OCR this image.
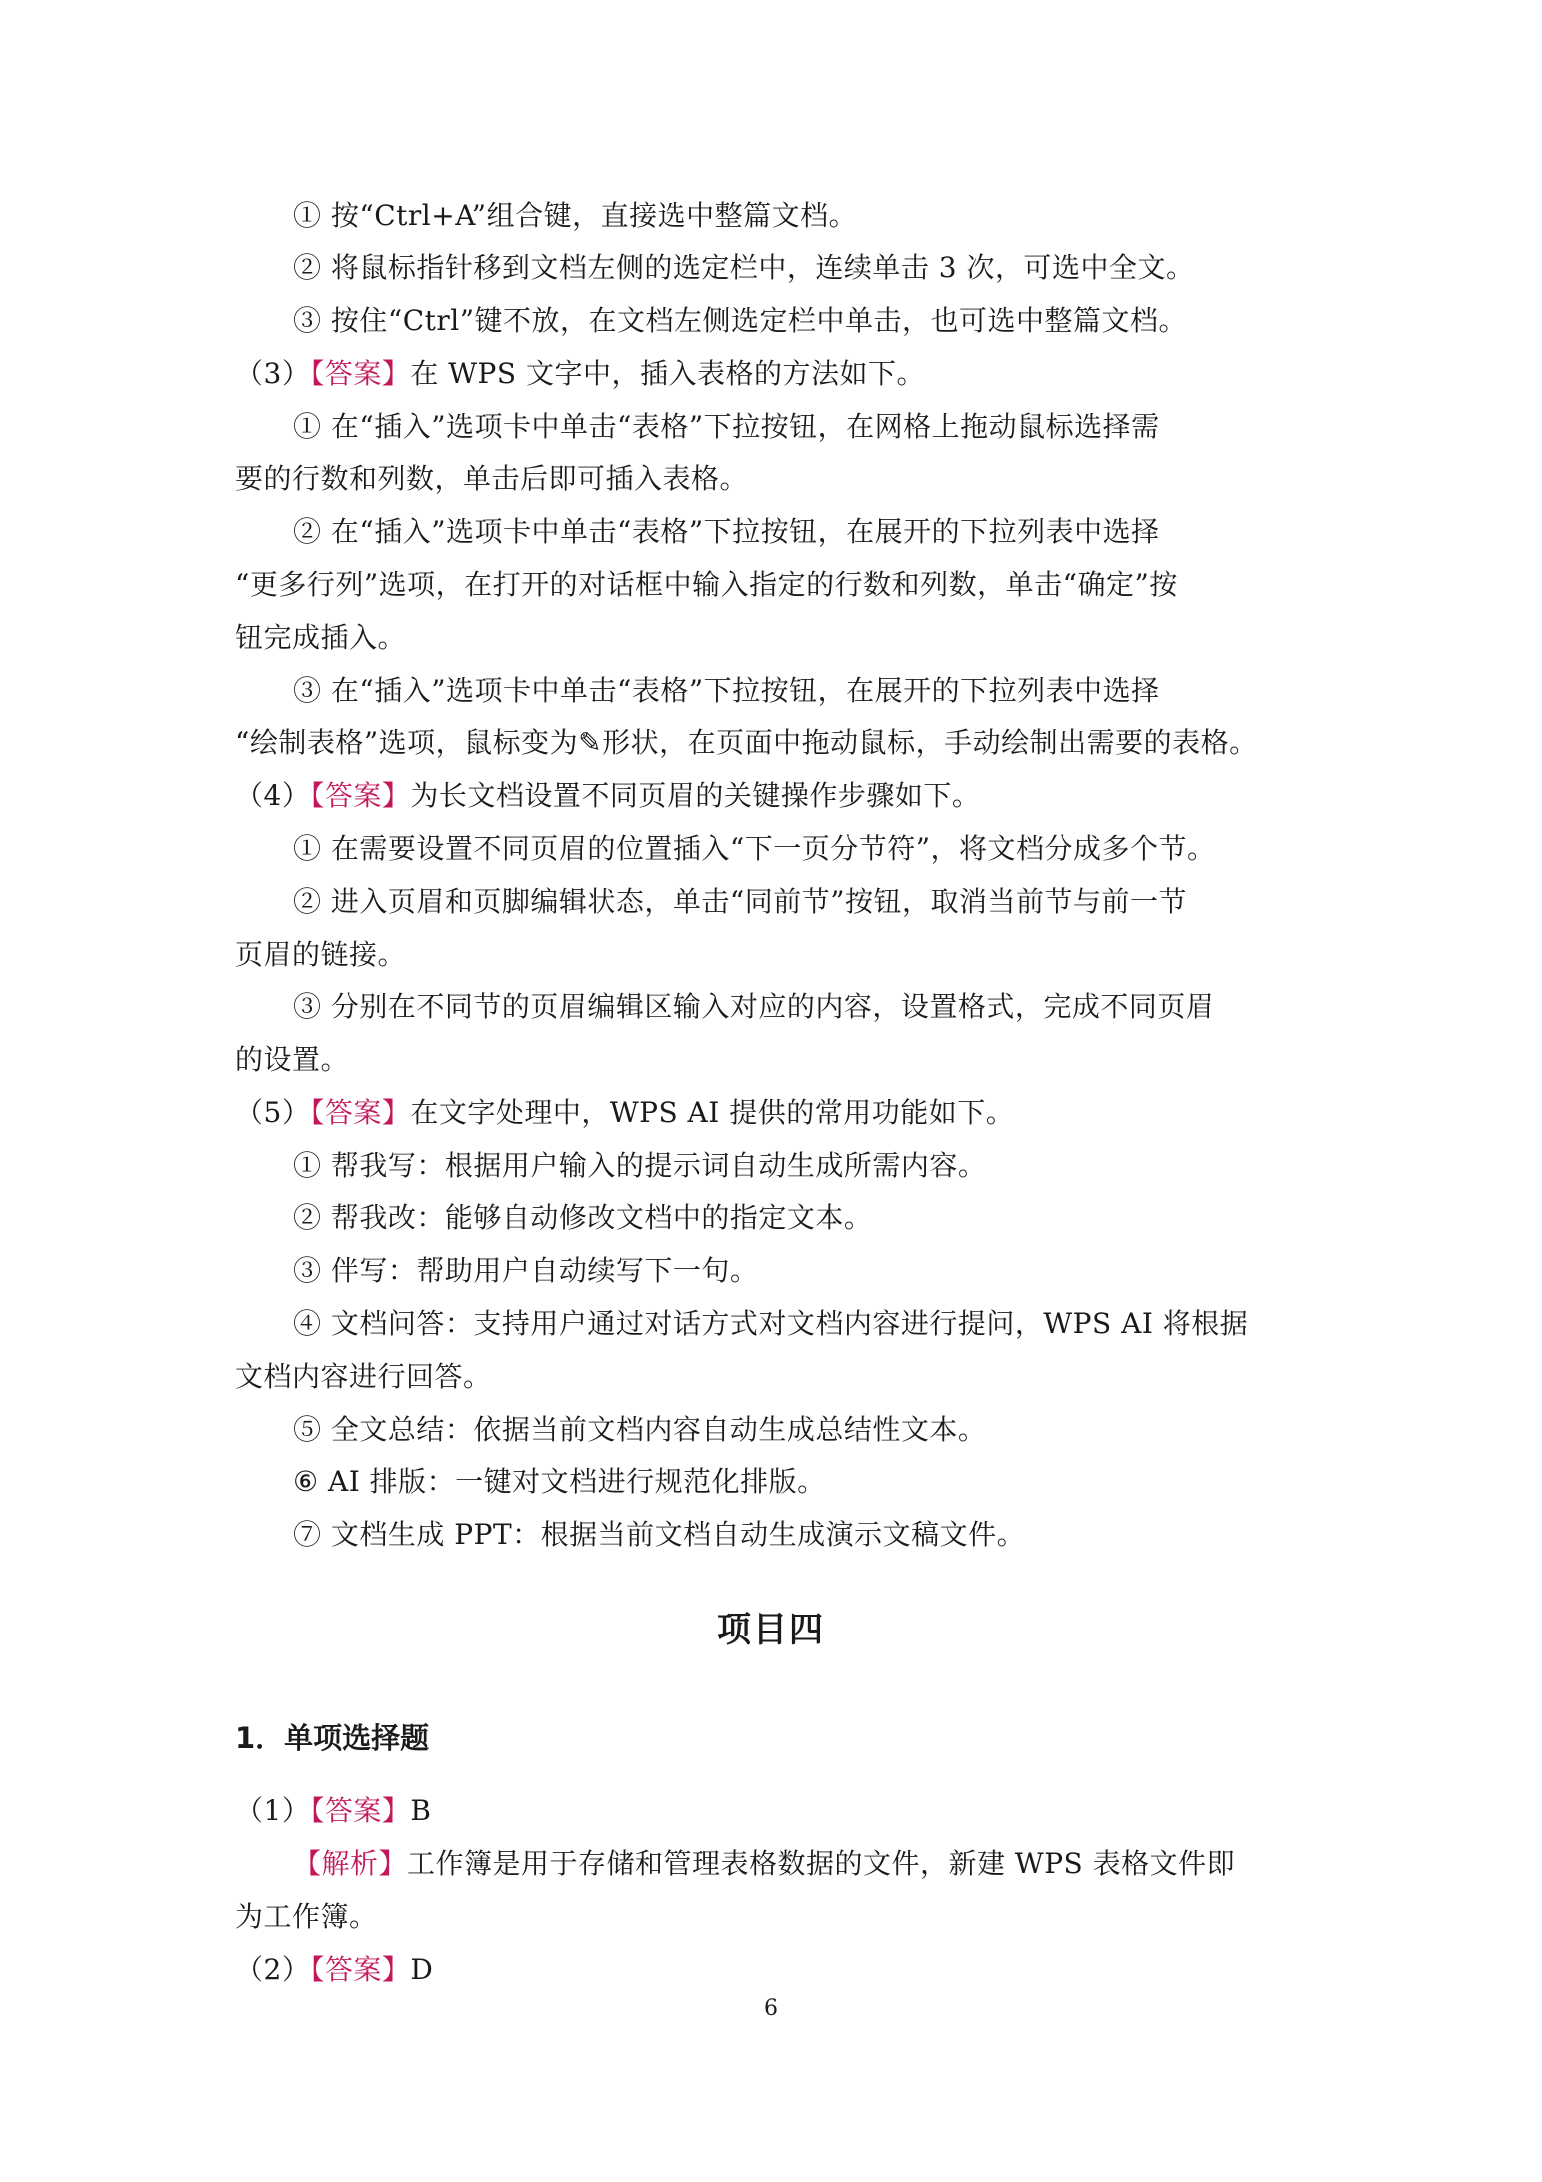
① 按“Ctrl+A”组合键，直接选中整篇文档。
② 将鼠标指针移到文档左侧的选定栏中，连续单击 3 次，可选中全文。
③ 按住“Ctrl”键不放，在文档左侧选定栏中单击，也可选中整篇文档。
（3）【答案】在 WPS 文字中，插入表格的方法如下。
① 在“插入”选项卡中单击“表格”下拉按钮，在网格上拖动鼠标选择需
要的行数和列数，单击后即可插入表格。
② 在“插入”选项卡中单击“表格”下拉按钮，在展开的下拉列表中选择
“更多行列”选项，在打开的对话框中输入指定的行数和列数，单击“确定”按
钮完成插入。
③ 在“插入”选项卡中单击“表格”下拉按钮，在展开的下拉列表中选择
“绘制表格”选项，鼠标变为✎形状，在页面中拖动鼠标，手动绘制出需要的表格。
（4）【答案】为长文档设置不同页眉的关键操作步骤如下。
① 在需要设置不同页眉的位置插入“下一页分节符”，将文档分成多个节。
② 进入页眉和页脚编辑状态，单击“同前节”按钮，取消当前节与前一节
页眉的链接。
③ 分别在不同节的页眉编辑区输入对应的内容，设置格式，完成不同页眉
的设置。
（5）【答案】在文字处理中，WPS AI 提供的常用功能如下。
① 帮我写：根据用户输入的提示词自动生成所需内容。
② 帮我改：能够自动修改文档中的指定文本。
③ 伴写：帮助用户自动续写下一句。
④ 文档问答：支持用户通过对话方式对文档内容进行提问，WPS AI 将根据
文档内容进行回答。
⑤ 全文总结：依据当前文档内容自动生成总结性文本。
⑥ AI 排版：一键对文档进行规范化排版。
⑦ 文档生成 PPT：根据当前文档自动生成演示文稿文件。
项目四
1．单项选择题
（1）【答案】B
【解析】工作簿是用于存储和管理表格数据的文件，新建 WPS 表格文件即
为工作簿。
（2）【答案】D
6
